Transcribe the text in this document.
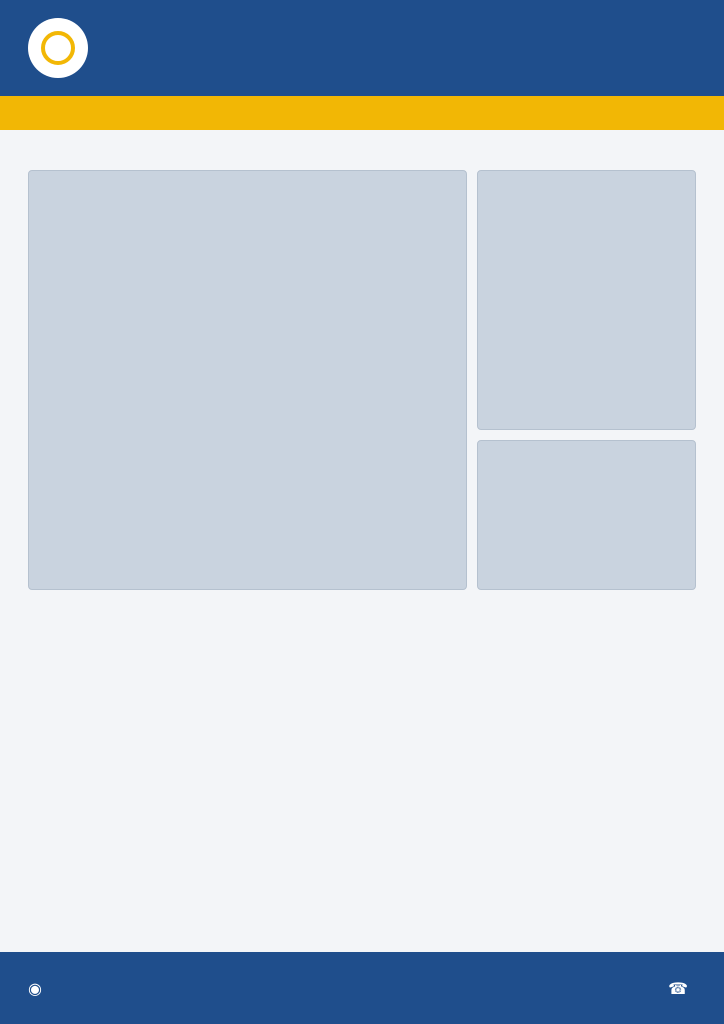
◉	☎
